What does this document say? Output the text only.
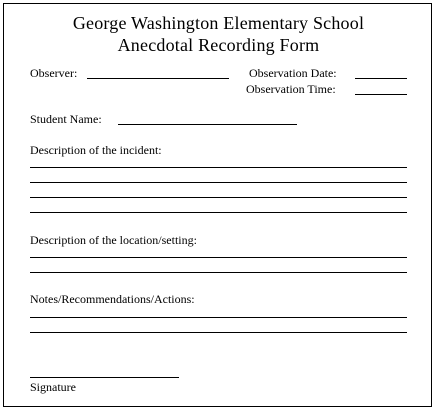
George Washington Elementary School
Anecdotal Recording Form
Observer:	Observation Date:
Observation Time:
Student Name:
Description of the incident:
Description of the location/setting:
Notes/Recommendations/Actions:
Signature
